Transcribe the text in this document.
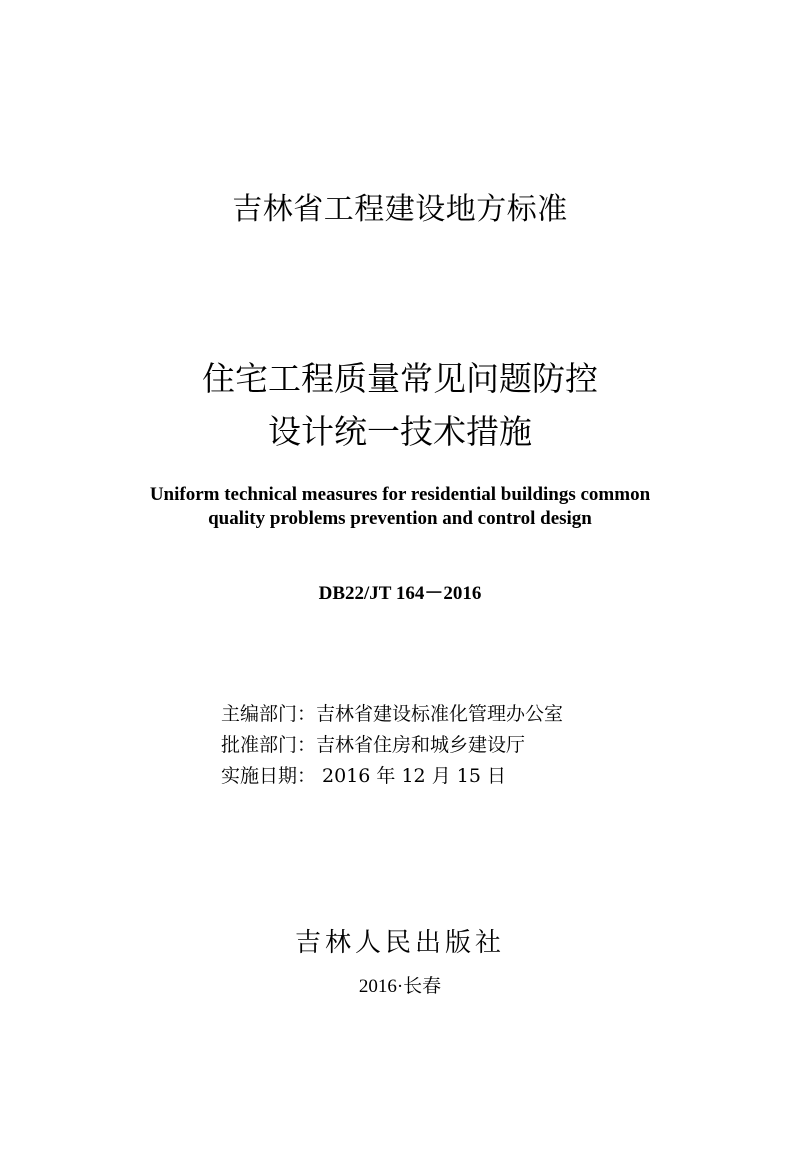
吉林省工程建设地方标准
住宅工程质量常见问题防控
设计统一技术措施
Uniform technical measures for residential buildings common
quality problems prevention and control design
DB22/JT 164－2016
主编部门：吉林省建设标准化管理办公室
批准部门：吉林省住房和城乡建设厅
实施日期： 2016 年 12 月 15 日
吉林人民出版社
2016·长春
